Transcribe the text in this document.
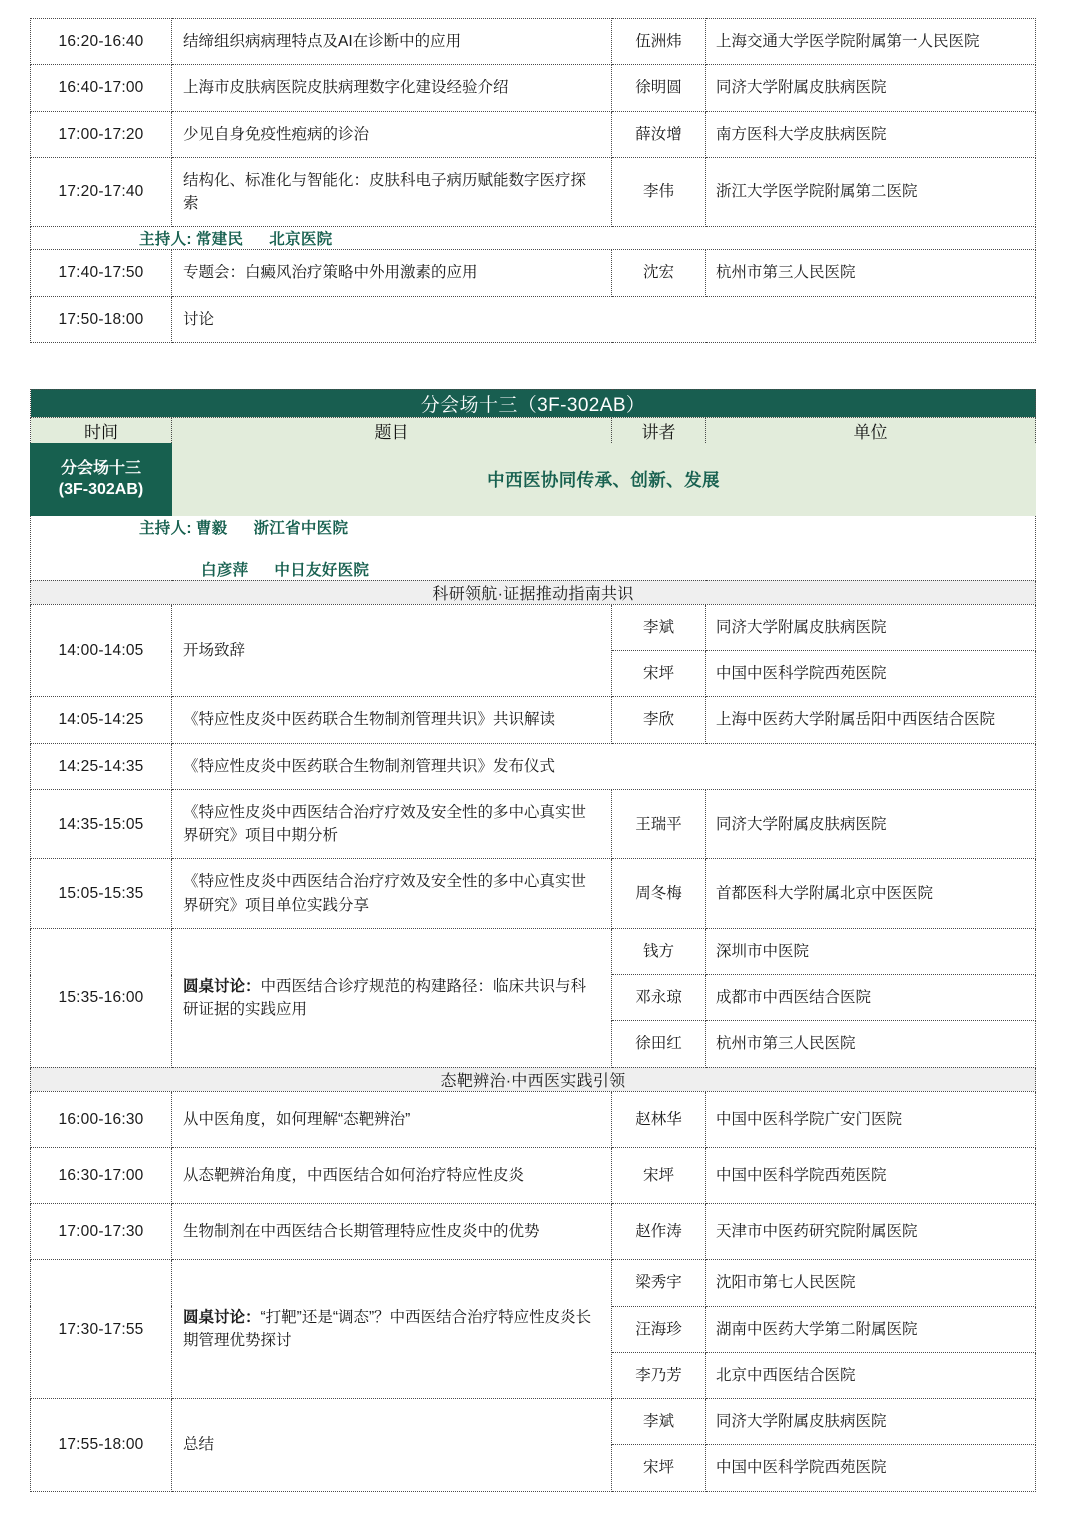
16:20-16:40	结缔组织病病理特点及AI在诊断中的应用	伍洲炜	上海交通大学医学院附属第一人民医院

16:40-17:00	上海市皮肤病医院皮肤病理数字化建设经验介绍	徐明圆	同济大学附属皮肤病医院

17:00-17:20	少见自身免疫性疱病的诊治	薛汝增	南方医科大学皮肤病医院

17:20-17:40	结构化、标准化与智能化：皮肤科电子病历赋能数字医疗探索	李伟	浙江大学医学院附属第二医院

主持人: 常建民 北京医院			

17:40-17:50	专题会：白癜风治疗策略中外用激素的应用	沈宏	杭州市第三人民医院

17:50-18:00	讨论		
分会场十三（3F-302AB）			
时间	题目	讲者	单位
分会场十三
(3F-302AB)	中西医协同传承、创新、发展		

主持人: 曹毅 浙江省中医院
白彦萍 中日友好医院			

科研领航·证据推动指南共识			

14:00-14:05	开场致辞	李斌	同济大学附属皮肤病医院

		宋坪	中国中医科学院西苑医院

14:05-14:25	《特应性皮炎中医药联合生物制剂管理共识》共识解读	李欣	上海中医药大学附属岳阳中西医结合医院

14:25-14:35	《特应性皮炎中医药联合生物制剂管理共识》发布仪式		

14:35-15:05	《特应性皮炎中西医结合治疗疗效及安全性的多中心真实世界研究》项目中期分析	王瑞平	同济大学附属皮肤病医院

15:05-15:35	《特应性皮炎中西医结合治疗疗效及安全性的多中心真实世界研究》项目单位实践分享	周冬梅	首都医科大学附属北京中医医院

15:35-16:00	圆桌讨论：中西医结合诊疗规范的构建路径：临床共识与科研证据的实践应用	钱方	深圳市中医院

		邓永琼	成都市中西医结合医院

		徐田红	杭州市第三人民医院

态靶辨治·中西医实践引领			

16:00-16:30	从中医角度，如何理解“态靶辨治”	赵林华	中国中医科学院广安门医院

16:30-17:00	从态靶辨治角度，中西医结合如何治疗特应性皮炎	宋坪	中国中医科学院西苑医院

17:00-17:30	生物制剂在中西医结合长期管理特应性皮炎中的优势	赵作涛	天津市中医药研究院附属医院

17:30-17:55	圆桌讨论：“打靶”还是“调态”？中西医结合治疗特应性皮炎长期管理优势探讨	梁秀宇	沈阳市第七人民医院

		汪海珍	湖南中医药大学第二附属医院

		李乃芳	北京中西医结合医院

17:55-18:00	总结	李斌	同济大学附属皮肤病医院

		宋坪	中国中医科学院西苑医院
